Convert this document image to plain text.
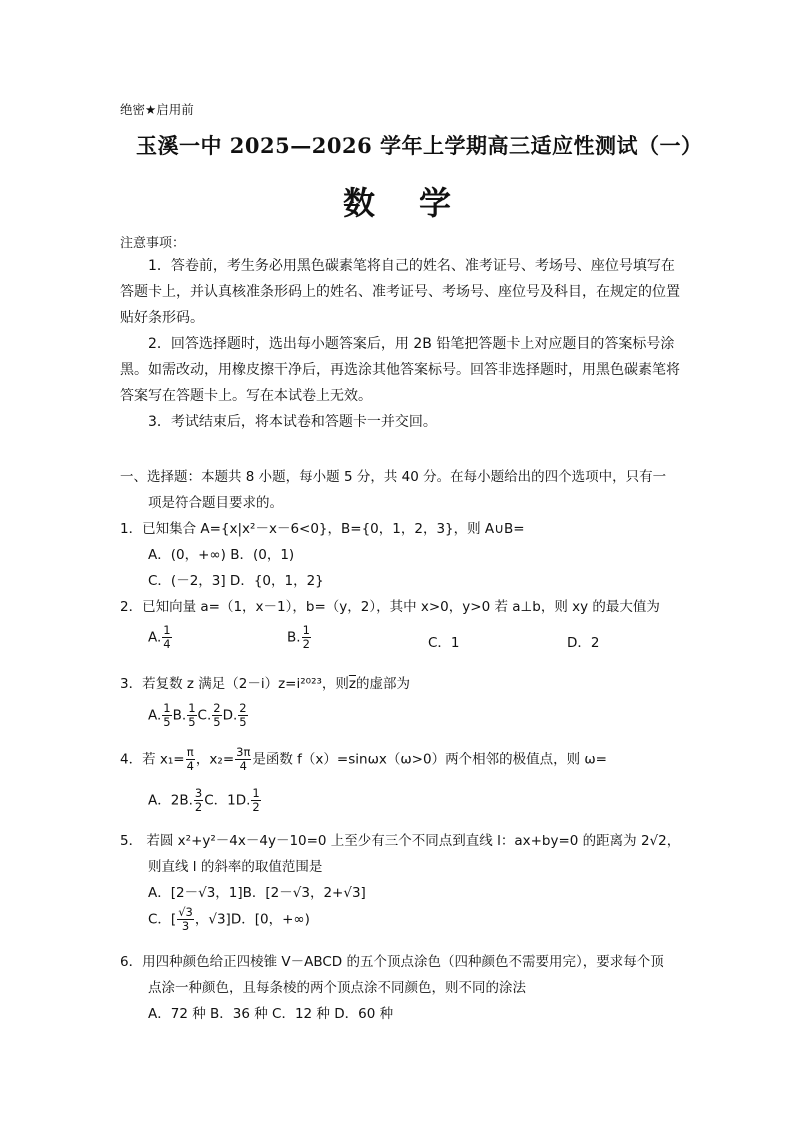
绝密★启用前
玉溪一中 2025—2026 学年上学期高三适应性测试（一）
数学
注意事项：
1．答卷前，考生务必用黑色碳素笔将自己的姓名、准考证号、考场号、座位号填写在
答题卡上，并认真核准条形码上的姓名、准考证号、考场号、座位号及科目，在规定的位置
贴好条形码。
2．回答选择题时，选出每小题答案后，用 2B 铅笔把答题卡上对应题目的答案标号涂
黑。如需改动，用橡皮擦干净后，再选涂其他答案标号。回答非选择题时，用黑色碳素笔将
答案写在答题卡上。写在本试卷上无效。
3．考试结束后，将本试卷和答题卡一并交回。
一、选择题：本题共 8 小题，每小题 5 分，共 40 分。在每小题给出的四个选项中，只有一
项是符合题目要求的。
1．已知集合 A={x|x²－x－6<0}，B={0，1，2，3}，则 A∪B=
A．(0，+∞) B．(0，1)
C．(－2，3] D．{0，1，2}
2．已知向量 a=（1，x－1），b=（y，2），其中 x>0，y>0 若 a⊥b，则 xy 的最大值为
A. $\frac{1}{4}$	B. $\frac{1}{2}$	C．1	D．2
3．若复数 z 满足（2－i）z=i²⁰²³，则$\overline{z}$的虚部为
A. $\frac{1}{5} B$. $\frac{1}{5} C$. $\frac{2}{5} D$. $\frac{2}{5}$
4．若 $x_1= \frac{\pi}{4}$ ，$x_2= \frac{3\pi}{4}$ 是函数 f（x）=sinωx（ω>0）两个相邻的极值点，则 ω=
A．2B. $\frac{3}{2}$ C．1D. $\frac{1}{2}$
5． 若圆 x²+y²－4x－4y－10=0 上至少有三个不同点到直线 l：ax+by=0 的距离为 2√2，
则直线 l 的斜率的取值范围是
A．[2－√3，1]B．[2－√3，2+√3]
C．[ $\frac{√3}{3}$ ，√3]D．[0，+∞)
6．用四种颜色给正四棱锥 V－ABCD 的五个顶点涂色（四种颜色不需要用完），要求每个顶
点涂一种颜色，且每条棱的两个顶点涂不同颜色，则不同的涂法
A．72 种 B．36 种 C．12 种 D．60 种
